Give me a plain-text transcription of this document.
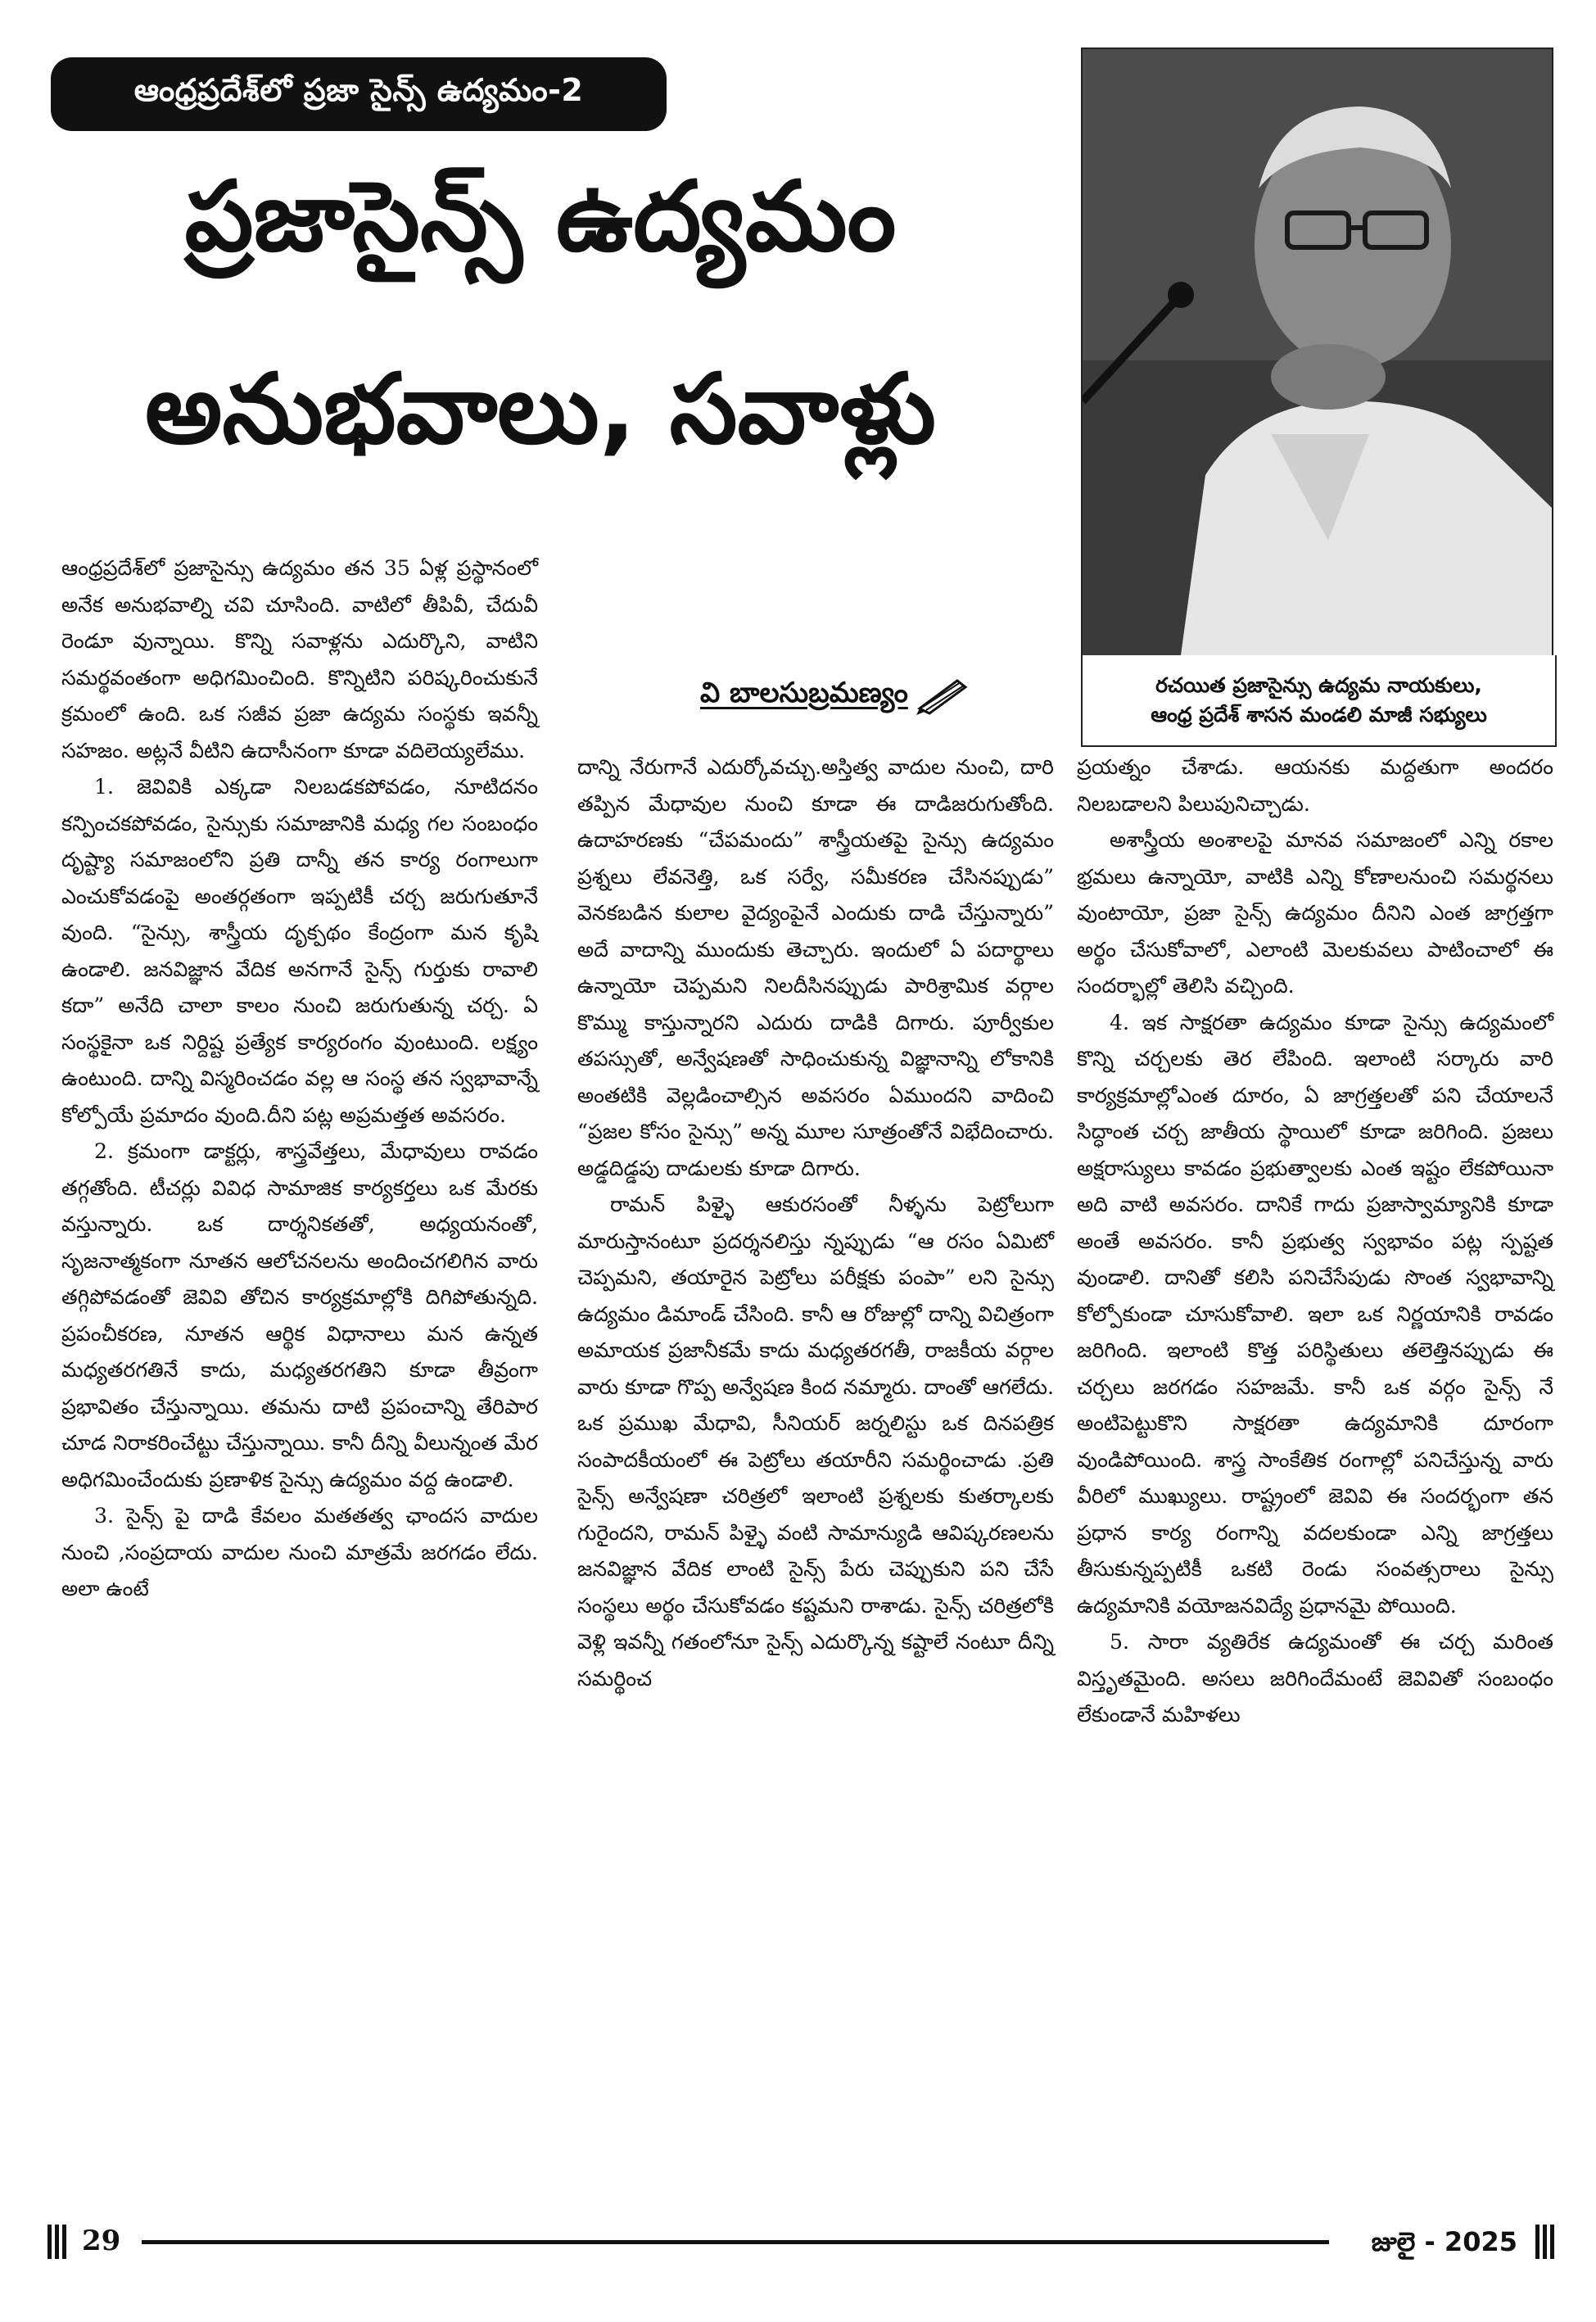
ఆంధ్రప్రదేశ్‌లో ప్రజా సైన్స్ ఉద్యమం-2
ప్రజాసైన్స్ ఉద్యమం
అనుభవాలు, సవాళ్లు
రచయిత ప్రజాసైన్సు ఉద్యమ నాయకులు,
ఆంధ్ర ప్రదేశ్ శాసన మండలి మాజీ సభ్యులు
వి బాలసుబ్రమణ్యం

ఆంధ్రప్రదేశ్‌లో ప్రజాసైన్సు ఉద్యమం తన 35 ఏళ్ల ప్రస్థానంలో అనేక అనుభవాల్ని చవి చూసింది. వాటిలో తీపివీ, చేదువీ రెండూ వున్నాయి. కొన్ని సవాళ్లను ఎదుర్కొని, వాటిని సమర్థవంతంగా అధిగమించింది. కొన్నిటిని పరిష్కరించుకునే క్రమంలో ఉంది. ఒక సజీవ ప్రజా ఉద్యమ సంస్థకు ఇవన్నీ సహజం. అట్లనే వీటిని ఉదాసీనంగా కూడా వదిలెయ్యలేము.

1. జెవివికి ఎక్కడా నిలబడకపోవడం, నూటిదనం కన్పించకపోవడం, సైన్సుకు సమాజానికి మధ్య గల సంబంధం దృష్ట్యా సమాజంలోని ప్రతి దాన్నీ తన కార్య రంగాలుగా ఎంచుకోవడంపై అంతర్గతంగా ఇప్పటికీ చర్చ జరుగుతూనే వుంది. “సైన్సు, శాస్త్రీయ దృక్పథం కేంద్రంగా మన కృషి ఉండాలి. జనవిజ్ఞాన వేదిక అనగానే సైన్స్ గుర్తుకు రావాలి కదా” అనేది చాలా కాలం నుంచి జరుగుతున్న చర్చ. ఏ సంస్థకైనా ఒక నిర్దిష్ట ప్రత్యేక కార్యరంగం వుంటుంది. లక్ష్యం ఉంటుంది. దాన్ని విస్మరించడం వల్ల ఆ సంస్థ తన స్వభావాన్నే కోల్పోయే ప్రమాదం వుంది.దీని పట్ల అప్రమత్తత అవసరం.

2. క్రమంగా డాక్టర్లు, శాస్త్రవేత్తలు, మేధావులు రావడం తగ్గతోంది. టీచర్లు వివిధ సామాజిక కార్యకర్తలు ఒక మేరకు వస్తున్నారు. ఒక దార్శనికతతో, అధ్యయనంతో, సృజనాత్మకంగా నూతన ఆలోచనలను అందించగలిగిన వారు తగ్గిపోవడంతో జెవివి తోచిన కార్యక్రమాల్లోకి దిగిపోతున్నది. ప్రపంచీకరణ, నూతన ఆర్థిక విధానాలు మన ఉన్నత మధ్యతరగతినే కాదు, మధ్యతరగతిని కూడా తీవ్రంగా ప్రభావితం చేస్తున్నాయి. తమను దాటి ప్రపంచాన్ని తేరిపార చూడ నిరాకరించేట్టు చేస్తున్నాయి. కానీ దీన్ని వీలున్నంత మేర అధిగమించేందుకు ప్రణాళిక సైన్సు ఉద్యమం వద్ద ఉండాలి.

3. సైన్స్ పై దాడి కేవలం మతతత్వ ఛాందస వాదుల నుంచి ,సంప్రదాయ వాదుల నుంచి మాత్రమే జరగడం లేదు. అలా ఉంటే

దాన్ని నేరుగానే ఎదుర్కోవచ్చు.అస్తిత్వ వాదుల నుంచి, దారి తప్పిన మేధావుల నుంచి కూడా ఈ దాడిజరుగుతోంది. ఉదాహరణకు “చేపమందు” శాస్త్రీయతపై సైన్సు ఉద్యమం ప్రశ్నలు లేవనెత్తి, ఒక సర్వే, సమీకరణ చేసినప్పుడు” వెనకబడిన కులాల వైద్యంపైనే ఎందుకు దాడి చేస్తున్నారు” అదే వాదాన్ని ముందుకు తెచ్చారు. ఇందులో ఏ పదార్థాలు ఉన్నాయో చెప్పమని నిలదీసినప్పుడు పారిశ్రామిక వర్గాల కొమ్ము కాస్తున్నారని ఎదురు దాడికి దిగారు. పూర్వీకుల తపస్సుతో, అన్వేషణతో సాధించుకున్న విజ్ఞానాన్ని లోకానికి అంతటికి వెల్లడించాల్సిన అవసరం ఏముందని వాదించి “ప్రజల కోసం సైన్సు” అన్న మూల సూత్రంతోనే విభేదించారు. అడ్డదిడ్డపు దాడులకు కూడా దిగారు.

రామన్ పిళ్ళై ఆకురసంతో నీళ్ళను పెట్రోలుగా మారుస్తానంటూ ప్రదర్శనలిస్తు న్నప్పుడు “ఆ రసం ఏమిటో చెప్పమని, తయారైన పెట్రోలు పరీక్షకు పంపా” లని సైన్సు ఉద్యమం డిమాండ్ చేసింది. కానీ ఆ రోజుల్లో దాన్ని విచిత్రంగా అమాయక ప్రజానీకమే కాదు మధ్యతరగతీ, రాజకీయ వర్గాల వారు కూడా గొప్ప అన్వేషణ కింద నమ్మారు. దాంతో ఆగలేదు. ఒక ప్రముఖ మేధావి, సీనియర్ జర్నలిస్టు ఒక దినపత్రిక సంపాదకీయంలో ఈ పెట్రోలు తయారీని సమర్థించాడు .ప్రతి సైన్స్ అన్వేషణా చరిత్రలో ఇలాంటి ప్రశ్నలకు కుతర్కాలకు గురైందని, రామన్ పిళ్ళై వంటి సామాన్యుడి ఆవిష్కరణలను జనవిజ్ఞాన వేదిక లాంటి సైన్స్ పేరు చెప్పుకుని పని చేసే సంస్థలు అర్థం చేసుకోవడం కష్టమని రాశాడు. సైన్స్ చరిత్రలోకి వెళ్లి ఇవన్నీ గతంలోనూ సైన్స్ ఎదుర్కొన్న కష్టాలే నంటూ దీన్ని సమర్థించ

ప్రయత్నం చేశాడు. ఆయనకు మద్దతుగా అందరం నిలబడాలని పిలుపునిచ్చాడు.

అశాస్త్రీయ అంశాలపై మానవ సమాజంలో ఎన్ని రకాల భ్రమలు ఉన్నాయో, వాటికి ఎన్ని కోణాలనుంచి సమర్థనలు వుంటాయో, ప్రజా సైన్స్ ఉద్యమం దీనిని ఎంత జాగ్రత్తగా అర్థం చేసుకోవాలో, ఎలాంటి మెలకువలు పాటించాలో ఈ సందర్భాల్లో తెలిసి వచ్చింది.

4. ఇక సాక్షరతా ఉద్యమం కూడా సైన్సు ఉద్యమంలో కొన్ని చర్చలకు తెర లేపింది. ఇలాంటి సర్కారు వారి కార్యక్రమాల్లోఎంత దూరం, ఏ జాగ్రత్తలతో పని చేయాలనే సిద్ధాంత చర్చ జాతీయ స్థాయిలో కూడా జరిగింది. ప్రజలు అక్షరాస్యులు కావడం ప్రభుత్వాలకు ఎంత ఇష్టం లేకపోయినా అది వాటి అవసరం. దానికే గాదు ప్రజాస్వామ్యానికి కూడా అంతే అవసరం. కానీ ప్రభుత్వ స్వభావం పట్ల స్పష్టత వుండాలి. దానితో కలిసి పనిచేసేపుడు సొంత స్వభావాన్ని కోల్పోకుండా చూసుకోవాలి. ఇలా ఒక నిర్ణయానికి రావడం జరిగింది. ఇలాంటి కొత్త పరిస్థితులు తలెత్తినప్పుడు ఈ చర్చలు జరగడం సహజమే. కానీ ఒక వర్గం సైన్స్ నే అంటిపెట్టుకొని సాక్షరతా ఉద్యమానికి దూరంగా వుండిపోయింది. శాస్త్ర సాంకేతిక రంగాల్లో పనిచేస్తున్న వారు వీరిలో ముఖ్యులు. రాష్ట్రంలో జెవివి ఈ సందర్భంగా తన ప్రధాన కార్య రంగాన్ని వదలకుండా ఎన్ని జాగ్రత్తలు తీసుకున్నప్పటికీ ఒకటి రెండు సంవత్సరాలు సైన్సు ఉద్యమానికి వయోజనవిద్యే ప్రధానమై పోయింది.

5. సారా వ్యతిరేక ఉద్యమంతో ఈ చర్చ మరింత విస్తృతమైంది. అసలు జరిగిందేమంటే జెవివితో సంబంధం లేకుండానే మహిళలు

29	జులై - 2025
